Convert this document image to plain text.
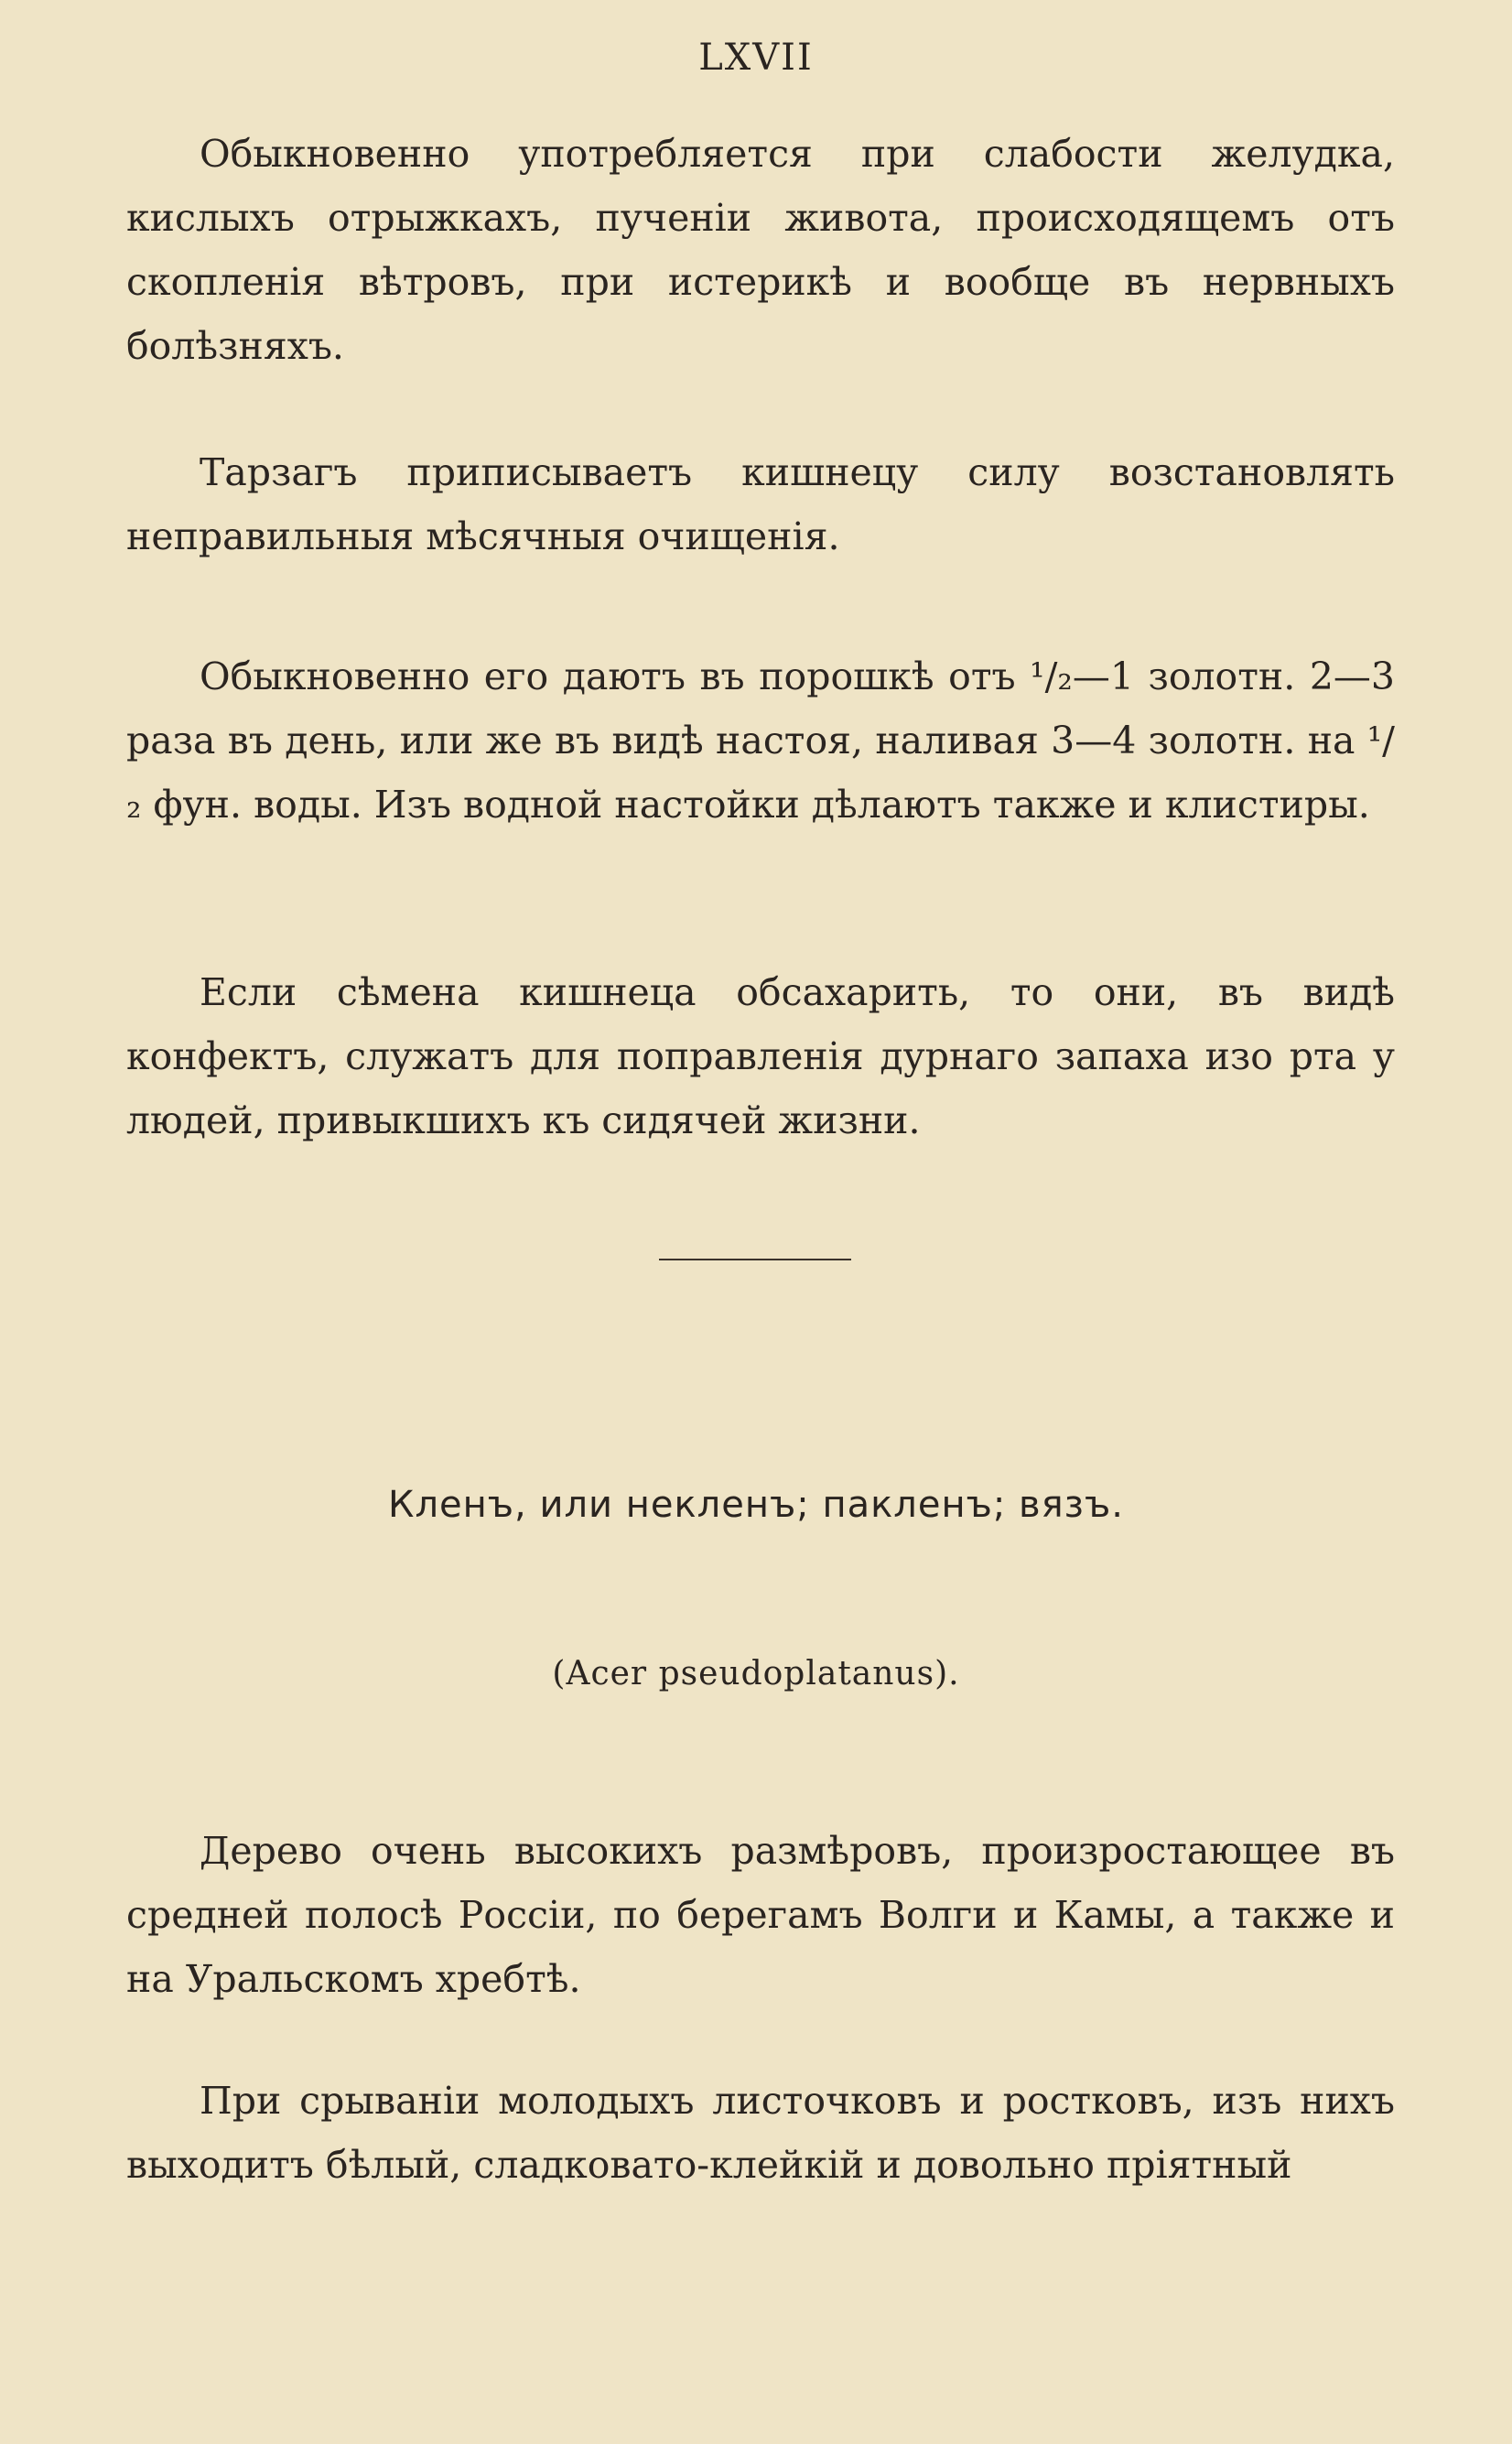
LXVII

Обыкновенно употребляется при слабости желудка, кислыхъ отрыжкахъ, пученіи живота, происходящемъ отъ скопленія вѣтровъ, при истерикѣ и вообще въ нервныхъ болѣзняхъ.

Тарзагъ приписываетъ кишнецу силу возстановлять неправильныя мѣсячныя очищенія.

Обыкновенно его даютъ въ порошкѣ отъ ¹/₂—1 золотн. 2—3 раза въ день, или же въ видѣ настоя, наливая 3—4 золотн. на ¹/₂ фун. воды. Изъ водной настойки дѣлаютъ также и клистиры.

Если сѣмена кишнеца обсахарить, то они, въ видѣ конфектъ, служатъ для поправленія дурнаго запаха изо рта у людей, привыкшихъ къ сидячей жизни.

Кленъ, или некленъ; пакленъ; вязъ.
(Acer pseudoplatanus).

Дерево очень высокихъ размѣровъ, произростающее въ средней полосѣ Россіи, по берегамъ Волги и Камы, а также и на Уральскомъ хребтѣ.

При срываніи молодыхъ листочковъ и ростковъ, изъ нихъ выходитъ бѣлый, сладковато-клейкій и довольно пріятный
